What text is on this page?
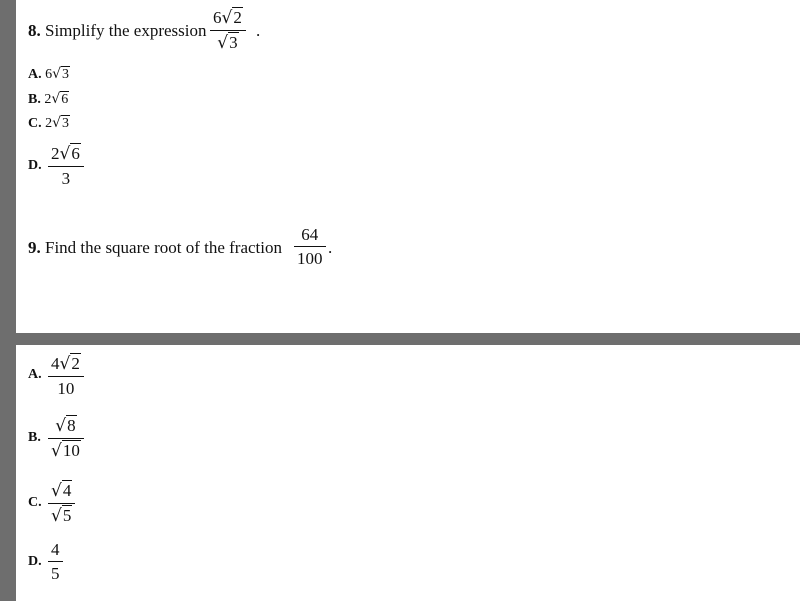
8. Simplify the expression
6√2
√3
.
A. 6√3
B. 2√6
C. 2√3
D.
2√6
3
9. Find the square root of the fraction
64
100
.
A.
4√2
10
B.
√8
√10
C.
√4
√5
D.
4
5
